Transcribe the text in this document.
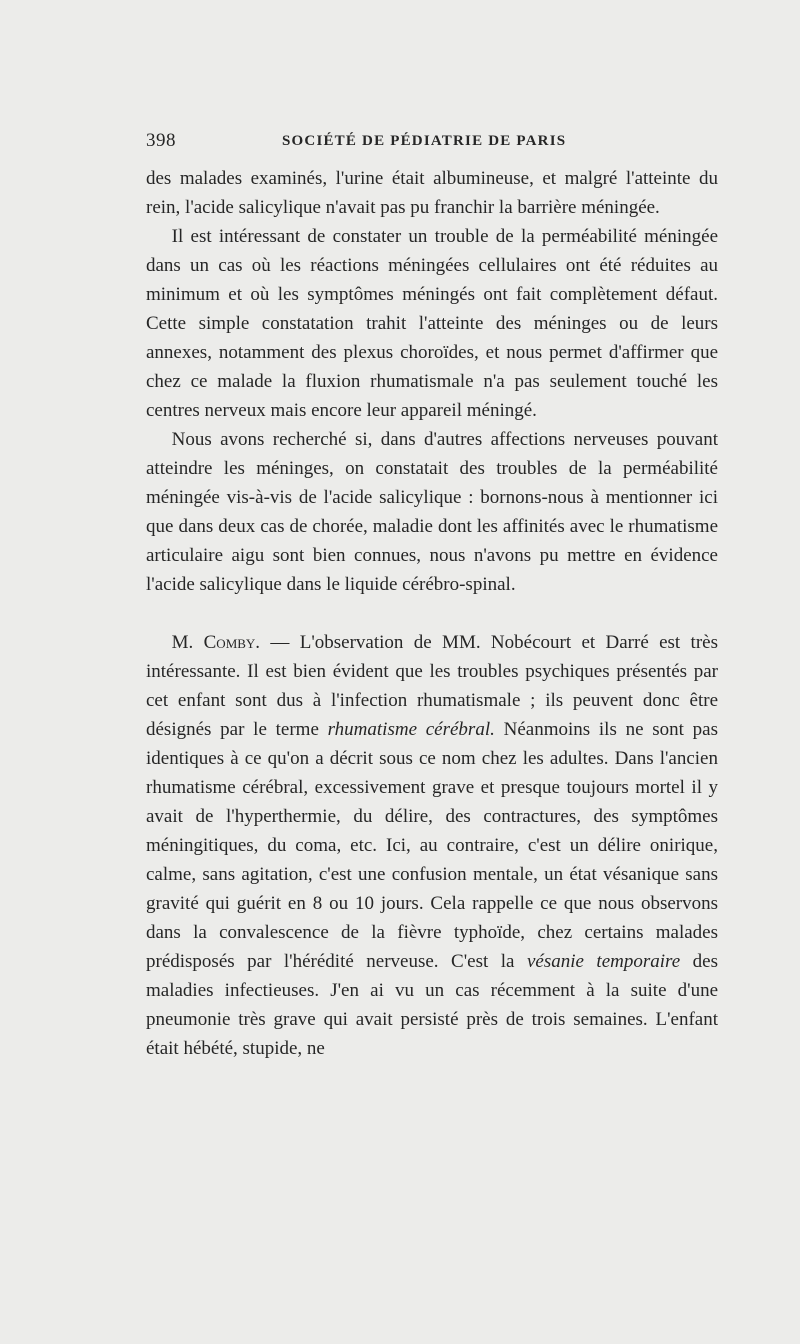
398	SOCIÉTÉ DE PÉDIATRIE DE PARIS

des malades examinés, l'urine était albumineuse, et malgré l'atteinte du rein, l'acide salicylique n'avait pas pu franchir la barrière méningée.

Il est intéressant de constater un trouble de la perméabilité méningée dans un cas où les réactions méningées cellulaires ont été réduites au minimum et où les symptômes méningés ont fait complètement défaut. Cette simple constatation trahit l'atteinte des méninges ou de leurs annexes, notamment des plexus choroïdes, et nous permet d'affirmer que chez ce malade la fluxion rhumatismale n'a pas seulement touché les centres nerveux mais encore leur appareil méningé.

Nous avons recherché si, dans d'autres affections nerveuses pouvant atteindre les méninges, on constatait des troubles de la perméabilité méningée vis-à-vis de l'acide salicylique : bornons-nous à mentionner ici que dans deux cas de chorée, maladie dont les affinités avec le rhumatisme articulaire aigu sont bien connues, nous n'avons pu mettre en évidence l'acide salicylique dans le liquide cérébro-spinal.

M. Comby. — L'observation de MM. Nobécourt et Darré est très intéressante. Il est bien évident que les troubles psychiques présentés par cet enfant sont dus à l'infection rhumatismale ; ils peuvent donc être désignés par le terme rhumatisme cérébral. Néanmoins ils ne sont pas identiques à ce qu'on a décrit sous ce nom chez les adultes. Dans l'ancien rhumatisme cérébral, excessivement grave et presque toujours mortel il y avait de l'hyperthermie, du délire, des contractures, des symptômes méningitiques, du coma, etc. Ici, au contraire, c'est un délire onirique, calme, sans agitation, c'est une confusion mentale, un état vésanique sans gravité qui guérit en 8 ou 10 jours. Cela rappelle ce que nous observons dans la convalescence de la fièvre typhoïde, chez certains malades prédisposés par l'hérédité nerveuse. C'est la vésanie temporaire des maladies infectieuses. J'en ai vu un cas récemment à la suite d'une pneumonie très grave qui avait persisté près de trois semaines. L'enfant était hébété, stupide, ne
